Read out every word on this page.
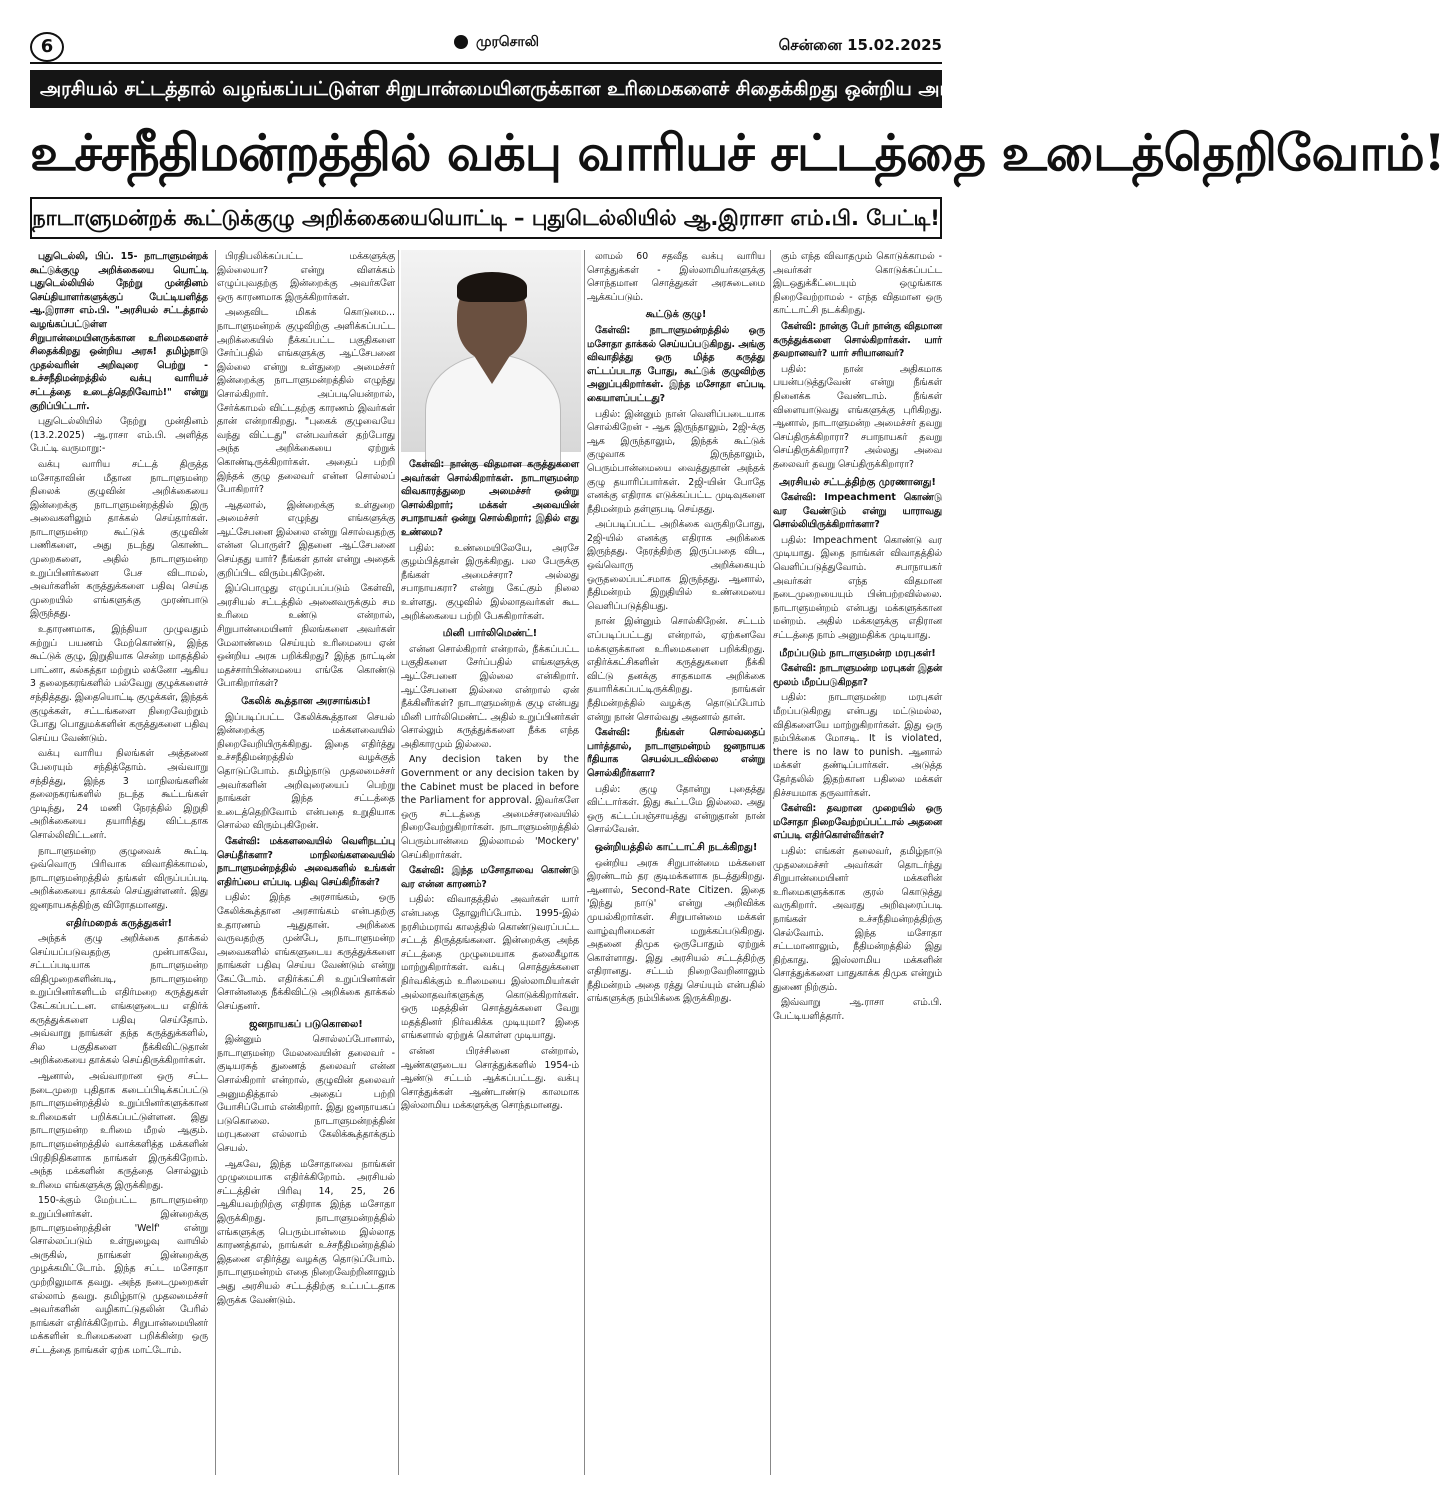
6	முரசொலி	சென்னை 15.02.2025
அரசியல் சட்டத்தால் வழங்கப்பட்டுள்ள சிறுபான்மையினருக்கான உரிமைகளைச் சிதைக்கிறது ஒன்றிய அரசு! தமிழ்நாடு முதல்வரின் அறிவுரை பெற்று –
உச்சநீதிமன்றத்தில் வக்பு வாரியச் சட்டத்தை உடைத்தெறிவோம்!
நாடாளுமன்றக் கூட்டுக்குழு அறிக்கையையொட்டி – புதுடெல்லியில் ஆ.இராசா எம்.பி. பேட்டி!

புதுடெல்லி, பிப். 15- நாடாளுமன்றக் கூட்டுக்குழு அறிக்கையை யொட்டி புதுடெல்லியில் நேற்று முன்தினம் செய்தியாளர்களுக்குப் பேட்டியளித்த ஆ.இராசா எம்.பி. "அரசியல் சட்டத்தால் வழங்கப்பட்டுள்ள சிறுபான்மையினருக்கான உரிமைகளைச் சிதைக்கிறது ஒன்றிய அரசு! தமிழ்நாடு முதல்வரின் அறிவுரை பெற்று - உச்சநீதிமன்றத்தில் வக்பு வாரியச் சட்டத்தை உடைத்தெறிவோம்!" என்று குறிப்பிட்டார்.

புதுடெல்லியில் நேற்று முன்தினம் (13.2.2025) ஆ.ராசா எம்.பி. அளித்த பேட்டி வருமாறு:-

வக்பு வாரிய சட்டத் திருத்த மசோதாவின் மீதான நாடாளுமன்ற நிலைக் குழுவின் அறிக்கையை இன்றைக்கு நாடாளுமன்றத்தில் இரு அவைகளிலும் தாக்கல் செய்தார்கள். நாடாளுமன்ற கூட்டுக் குழுவின் பணிகளை, அது நடந்து கொண்ட முறைகளை, அதில் நாடாளுமன்ற உறுப்பினர்களை பேச விடாமல், அவர்களின் கருத்துக்களை பதிவு செய்த முறையில் எங்களுக்கு முரண்பாடு இருந்தது.

உதாரணமாக, இந்தியா முழுவதும் சுற்றுப் பயணம் மேற்கொண்டு, இந்த கூட்டுக் குழு, இறுதியாக சென்ற மாதத்தில் பாட்னா, கல்கத்தா மற்றும் லக்னோ ஆகிய 3 தலைநகரங்களில் பல்வேறு குழுக்களைச் சந்தித்தது. இதையொட்டி குழுக்கள், இந்தக் குழுக்கள், சட்டங்களை நிறைவேற்றும் போது பொதுமக்களின் கருத்துகளை பதிவு செய்ய வேண்டும்.

வக்பு வாரிய நிலங்கள் அத்தனை பேரையும் சந்தித்தோம். அவ்வாறு சந்தித்து, இந்த 3 மாநிலங்களின் தலைநகரங்களில் நடந்த கூட்டங்கள் முடிந்து, 24 மணி நேரத்தில் இறுதி அறிக்கையை தயாரித்து விட்டதாக சொல்லிவிட்டனர்.

நாடாளுமன்ற குழுவைக் கூட்டி ஒவ்வொரு பிரிவாக விவாதிக்காமல், நாடாளுமன்றத்தில் தங்கள் விருப்பப்படி அறிக்கையை தாக்கல் செய்துள்ளனர். இது ஜனநாயகத்திற்கு விரோதமானது.

எதிர்மறைக் கருத்துகள்!

அந்தக் குழு அறிக்கை தாக்கல் செய்யப்படுவதற்கு முன்பாகவே, சட்டப்படியாக நாடாளுமன்ற விதிமுறைகளின்படி, நாடாளுமன்ற உறுப்பினர்களிடம் எதிர்மறை கருத்துகள் கேட்கப்பட்டன. எங்களுடைய எதிர்க் கருத்துக்களை பதிவு செய்தோம். அவ்வாறு நாங்கள் தந்த கருத்துக்களில், சில பகுதிகளை நீக்கிவிட்டுதான் அறிக்கையை தாக்கல் செய்திருக்கிறார்கள்.

ஆனால், அவ்வாறான ஒரு சட்ட நடைமுறை புதிதாக கடைப்பிடிக்கப்பட்டு நாடாளுமன்றத்தில் உறுப்பினர்களுக்கான உரிமைகள் பறிக்கப்பட்டுள்ளன. இது நாடாளுமன்ற உரிமை மீறல் ஆகும். நாடாளுமன்றத்தில் வாக்களித்த மக்களின் பிரதிநிதிகளாக நாங்கள் இருக்கிறோம். அந்த மக்களின் கருத்தை சொல்லும் உரிமை எங்களுக்கு இருக்கிறது.

150-க்கும் மேற்பட்ட நாடாளுமன்ற உறுப்பினர்கள். இன்றைக்கு நாடாளுமன்றத்தின் 'Welf' என்று சொல்லப்படும் உள்நுழைவு வாயில் அருகில், நாங்கள் இன்றைக்கு முழக்கமிட்டோம். இந்த சட்ட மசோதா முற்றிலுமாக தவறு. அந்த நடைமுறைகள் எல்லாம் தவறு. தமிழ்நாடு முதலமைச்சர் அவர்களின் வழிகாட்டுதலின் பேரில் நாங்கள் எதிர்க்கிறோம். சிறுபான்மையினர் மக்களின் உரிமைகளை பறிக்கின்ற ஒரு சட்டத்தை நாங்கள் ஏற்க மாட்டோம்.

பிரதிபலிக்கப்பட்ட மக்களுக்கு இல்லையா? என்று விளக்கம் எழுப்புவதற்கு இன்றைக்கு அவர்களே ஒரு காரணமாக இருக்கிறார்கள்.

அதைவிட மிகக் கொடுமை... நாடாளுமன்றக் குழுவிற்கு அளிக்கப்பட்ட அறிக்கையில் நீக்கப்பட்ட பகுதிகளை சேர்ப்பதில் எங்களுக்கு ஆட்சேபனை இல்லை என்று உள்துறை அமைச்சர் இன்றைக்கு நாடாளுமன்றத்தில் எழுந்து சொல்கிறார். அப்படியென்றால், சேர்க்காமல் விட்டதற்கு காரணம் இவர்கள் தான் என்றாகிறது. "புகைக் குழுவையே வந்து விட்டது" என்பவர்கள் தற்போது அந்த அறிக்கையை ஏற்றுக் கொண்டிருக்கிறார்கள். அதைப் பற்றி இந்தக் குழு தலைவர் என்ன சொல்லப் போகிறார்?

ஆதலால், இன்றைக்கு உள்துறை அமைச்சர் எழுந்து எங்களுக்கு ஆட்சேபனை இல்லை என்று சொல்வதற்கு என்ன பொருள்? இதனை ஆட்சேபனை செய்தது யார்? நீங்கள் தான் என்று அதைக் குறிப்பிட விரும்புகிறேன்.

இப்பொழுது எழுப்பப்படும் கேள்வி, அரசியல் சட்டத்தில் அனைவருக்கும் சம உரிமை உண்டு என்றால், சிறுபான்மையினர் நிலங்களை அவர்கள் மேலாண்மை செய்யும் உரிமையை ஏன் ஒன்றிய அரசு பறிக்கிறது? இந்த நாட்டின் மதச்சார்பின்மையை எங்கே கொண்டு போகிறார்கள்?

கேலிக் கூத்தான அரசாங்கம்!

இப்படிப்பட்ட கேலிக்கூத்தான செயல் இன்றைக்கு மக்களவையில் நிறைவேறியிருக்கிறது. இதை எதிர்த்து உச்சநீதிமன்றத்தில் வழக்குத் தொடுப்போம். தமிழ்நாடு முதலமைச்சர் அவர்களின் அறிவுரையைப் பெற்று நாங்கள் இந்த சட்டத்தை உடைத்தெறிவோம் என்பதை உறுதியாக சொல்ல விரும்புகிறேன்.

கேள்வி: மக்களவையில் வெளிநடப்பு செய்தீர்களா? மாநிலங்களவையில் நாடாளுமன்றத்தில் அவைகளில் உங்கள் எதிர்ப்பை எப்படி பதிவு செய்கிறீர்கள்?

பதில்: இந்த அரசாங்கம், ஒரு கேலிக்கூத்தான அரசாங்கம் என்பதற்கு உதாரணம் ஆதுதான். அறிக்கை வருவதற்கு முன்பே, நாடாளுமன்ற அவைகளில் எங்களுடைய கருத்துக்களை நாங்கள் பதிவு செய்ய வேண்டும் என்று கேட்டோம். எதிர்க்கட்சி உறுப்பினர்கள் சொன்னதை நீக்கிவிட்டு அறிக்கை தாக்கல் செய்தனர்.

ஜனநாயகப் படுகொலை!

இன்னும் சொல்லப்போனால், நாடாளுமன்ற மேலவையின் தலைவர் - குடியரசுத் துணைத் தலைவர் என்ன சொல்கிறார் என்றால், குழுவின் தலைவர் அனுமதித்தால் அதைப் பற்றி யோசிப்போம் என்கிறார். இது ஜனநாயகப் படுகொலை. நாடாளுமன்றத்தின் மரபுகளை எல்லாம் கேலிக்கூத்தாக்கும் செயல்.

ஆகவே, இந்த மசோதாவை நாங்கள் முழுமையாக எதிர்க்கிறோம். அரசியல் சட்டத்தின் பிரிவு 14, 25, 26 ஆகியவற்றிற்கு எதிராக இந்த மசோதா இருக்கிறது. நாடாளுமன்றத்தில் எங்களுக்கு பெரும்பான்மை இல்லாத காரணத்தால், நாங்கள் உச்சநீதிமன்றத்தில் இதனை எதிர்த்து வழக்கு தொடுப்போம். நாடாளுமன்றம் எதை நிறைவேற்றினாலும் அது அரசியல் சட்டத்திற்கு உட்பட்டதாக இருக்க வேண்டும்.

கேள்வி: நான்கு விதமான கருத்துகளை அவர்கள் சொல்கிறார்கள். நாடாளுமன்ற விவகாரத்துறை அமைச்சர் ஒன்று சொல்கிறார்; மக்கள் அவையின் சபாநாயகர் ஒன்று சொல்கிறார்; இதில் எது உண்மை?

பதில்: உண்மையிலேயே, அரசே குழம்பித்தான் இருக்கிறது. பல பேருக்கு நீங்கள் அமைச்சரா? அல்லது சபாநாயகரா? என்று கேட்கும் நிலை உள்ளது. குழுவில் இல்லாதவர்கள் கூட அறிக்கையை பற்றி பேசுகிறார்கள்.

மினி பார்லிமெண்ட்!

என்ன சொல்கிறார் என்றால், நீக்கப்பட்ட பகுதிகளை சேர்ப்பதில் எங்களுக்கு ஆட்சேபனை இல்லை என்கிறார். ஆட்சேபனை இல்லை என்றால் ஏன் நீக்கினீர்கள்? நாடாளுமன்றக் குழு என்பது மினி பார்லிமெண்ட். அதில் உறுப்பினர்கள் சொல்லும் கருத்துக்களை நீக்க எந்த அதிகாரமும் இல்லை.

Any decision taken by the Government or any decision taken by the Cabinet must be placed in before the Parliament for approval. இவர்களே ஒரு சட்டத்தை அமைச்சரவையில் நிறைவேற்றுகிறார்கள். நாடாளுமன்றத்தில் பெரும்பான்மை இல்லாமல் 'Mockery' செய்கிறார்கள்.

கேள்வி: இந்த மசோதாவை கொண்டு வர என்ன காரணம்?

பதில்: விவாதத்தில் அவர்கள் யார் என்பதை தோலுரிப்போம். 1995-இல் நரசிம்மராவ் காலத்தில் கொண்டுவரப்பட்ட சட்டத் திருத்தங்களை. இன்றைக்கு அந்த சட்டத்தை முழுமையாக தலைகீழாக மாற்றுகிறார்கள். வக்பு சொத்துக்களை நிர்வகிக்கும் உரிமையை இஸ்லாமியர்கள் அல்லாதவர்களுக்கு கொடுக்கிறார்கள். ஒரு மதத்தின் சொத்துக்களை வேறு மதத்தினர் நிர்வகிக்க முடியுமா? இதை எங்களால் ஏற்றுக் கொள்ள முடியாது.

என்ன பிரச்சினை என்றால், ஆண்களுடைய சொத்துக்களில் 1954-ம் ஆண்டு சட்டம் ஆக்கப்பட்டது. வக்பு சொத்துக்கள் ஆண்டாண்டு காலமாக இஸ்லாமிய மக்களுக்கு சொந்தமானது.

லாமல் 60 சதவீத வக்பு வாரிய சொத்துக்கள் - இஸ்லாமியர்களுக்கு சொந்தமான சொத்துகள் அரசுடைமை ஆக்கப்படும்.

கூட்டுக் குழு!

கேள்வி: நாடாளுமன்றத்தில் ஒரு மசோதா தாக்கல் செய்யப்படுகிறது. அங்கு விவாதித்து ஒரு மித்த கருத்து எட்டப்படாத போது, கூட்டுக் குழுவிற்கு அனுப்புகிறார்கள். இந்த மசோதா எப்படி கையாளப்பட்டது?

பதில்: இன்னும் நான் வெளிப்படையாக சொல்கிறேன் - ஆக இருந்தாலும், 2ஜி-க்கு ஆக இருந்தாலும், இந்தக் கூட்டுக் குழுவாக இருந்தாலும், பெரும்பான்மையை வைத்துதான் அந்தக் குழு தயாரிப்பார்கள். 2ஜி-யின் போதே எனக்கு எதிராக எடுக்கப்பட்ட முடிவுகளை நீதிமன்றம் தள்ளுபடி செய்தது.

அப்படிப்பட்ட அறிக்கை வருகிறபோது, 2ஜி-யில் எனக்கு எதிராக அறிக்கை இருந்தது. நேரத்திற்கு இருப்பதை விட, ஒவ்வொரு அறிக்கையும் ஒருதலைப்பட்சமாக இருந்தது. ஆனால், நீதிமன்றம் இறுதியில் உண்மையை வெளிப்படுத்தியது.

நான் இன்னும் சொல்கிறேன். சட்டம் எப்படிப்பட்டது என்றால், ஏற்கனவே மக்களுக்கான உரிமைகளை பறிக்கிறது. எதிர்க்கட்சிகளின் கருத்துகளை நீக்கி விட்டு தனக்கு சாதகமாக அறிக்கை தயாரிக்கப்பட்டிருக்கிறது. நாங்கள் நீதிமன்றத்தில் வழக்கு தொடுப்போம் என்று நான் சொல்வது அதனால் தான்.

கேள்வி: நீங்கள் சொல்வதைப் பார்த்தால், நாடாளுமன்றம் ஜனநாயக ரீதியாக செயல்படவில்லை என்று சொல்கிறீர்களா?

பதில்: குழு தோன்று புதைத்து விட்டார்கள். இது கூட்டமே இல்லை. அது ஒரு கட்டப்பஞ்சாயத்து என்றுதான் நான் சொல்வேன்.

ஒன்றியத்தில் காட்டாட்சி நடக்கிறது!

ஒன்றிய அரசு சிறுபான்மை மக்களை இரண்டாம் தர குடிமக்களாக நடத்துகிறது. ஆனால், Second-Rate Citizen. இதை 'இந்து நாடு' என்று அறிவிக்க முயல்கிறார்கள். சிறுபான்மை மக்கள் வாழ்வுரிமைகள் மறுக்கப்படுகிறது. அதனை திமுக ஒருபோதும் ஏற்றுக் கொள்ளாது. இது அரசியல் சட்டத்திற்கு எதிரானது. சட்டம் நிறைவேறினாலும் நீதிமன்றம் அதை ரத்து செய்யும் என்பதில் எங்களுக்கு நம்பிக்கை இருக்கிறது.

கும் எந்த விவாதமும் கொடுக்காமல் - அவர்கள் கொடுக்கப்பட்ட இடஒதுக்கீட்டையும் ஒழுங்காக நிறைவேற்றாமல் - எந்த விதமான ஒரு காட்டாட்சி நடக்கிறது.

கேள்வி: நான்கு பேர் நான்கு விதமான கருத்துக்களை சொல்கிறார்கள். யார் தவறானவர்? யார் சரியானவர்?

பதில்: நான் அதிகமாக பயன்படுத்துவேன் என்று நீங்கள் நினைக்க வேண்டாம். நீங்கள் விளையாடுவது எங்களுக்கு புரிகிறது. ஆனால், நாடாளுமன்ற அமைச்சர் தவறு செய்திருக்கிறாரா? சபாநாயகர் தவறு செய்திருக்கிறாரா? அல்லது அவை தலைவர் தவறு செய்திருக்கிறாரா?

அரசியல் சட்டத்திற்கு முரணானது!

கேள்வி: Impeachment கொண்டு வர வேண்டும் என்று யாராவது சொல்லியிருக்கிறார்களா?

பதில்: Impeachment கொண்டு வர முடியாது. இதை நாங்கள் விவாதத்தில் வெளிப்படுத்துவோம். சபாநாயகர் அவர்கள் எந்த விதமான நடைமுறையையும் பின்பற்றவில்லை. நாடாளுமன்றம் என்பது மக்களுக்கான மன்றம். அதில் மக்களுக்கு எதிரான சட்டத்தை நாம் அனுமதிக்க முடியாது.

மீறப்படும் நாடாளுமன்ற மரபுகள்!

கேள்வி: நாடாளுமன்ற மரபுகள் இதன் மூலம் மீறப்படுகிறதா?

பதில்: நாடாளுமன்ற மரபுகள் மீறப்படுகிறது என்பது மட்டுமல்ல, விதிகளையே மாற்றுகிறார்கள். இது ஒரு நம்பிக்கை மோசடி. It is violated, there is no law to punish. ஆனால் மக்கள் தண்டிப்பார்கள். அடுத்த தேர்தலில் இதற்கான பதிலை மக்கள் நிச்சயமாக தருவார்கள்.

கேள்வி: தவறான முறையில் ஒரு மசோதா நிறைவேற்றப்பட்டால் அதனை எப்படி எதிர்கொள்வீர்கள்?

பதில்: எங்கள் தலைவர், தமிழ்நாடு முதலமைச்சர் அவர்கள் தொடர்ந்து சிறுபான்மையினர் மக்களின் உரிமைகளுக்காக குரல் கொடுத்து வருகிறார். அவரது அறிவுரைப்படி நாங்கள் உச்சநீதிமன்றத்திற்கு செல்வோம். இந்த மசோதா சட்டமானாலும், நீதிமன்றத்தில் இது நிற்காது. இஸ்லாமிய மக்களின் சொத்துக்களை பாதுகாக்க திமுக என்றும் துணை நிற்கும்.

இவ்வாறு ஆ.ராசா எம்.பி. பேட்டியளித்தார்.
